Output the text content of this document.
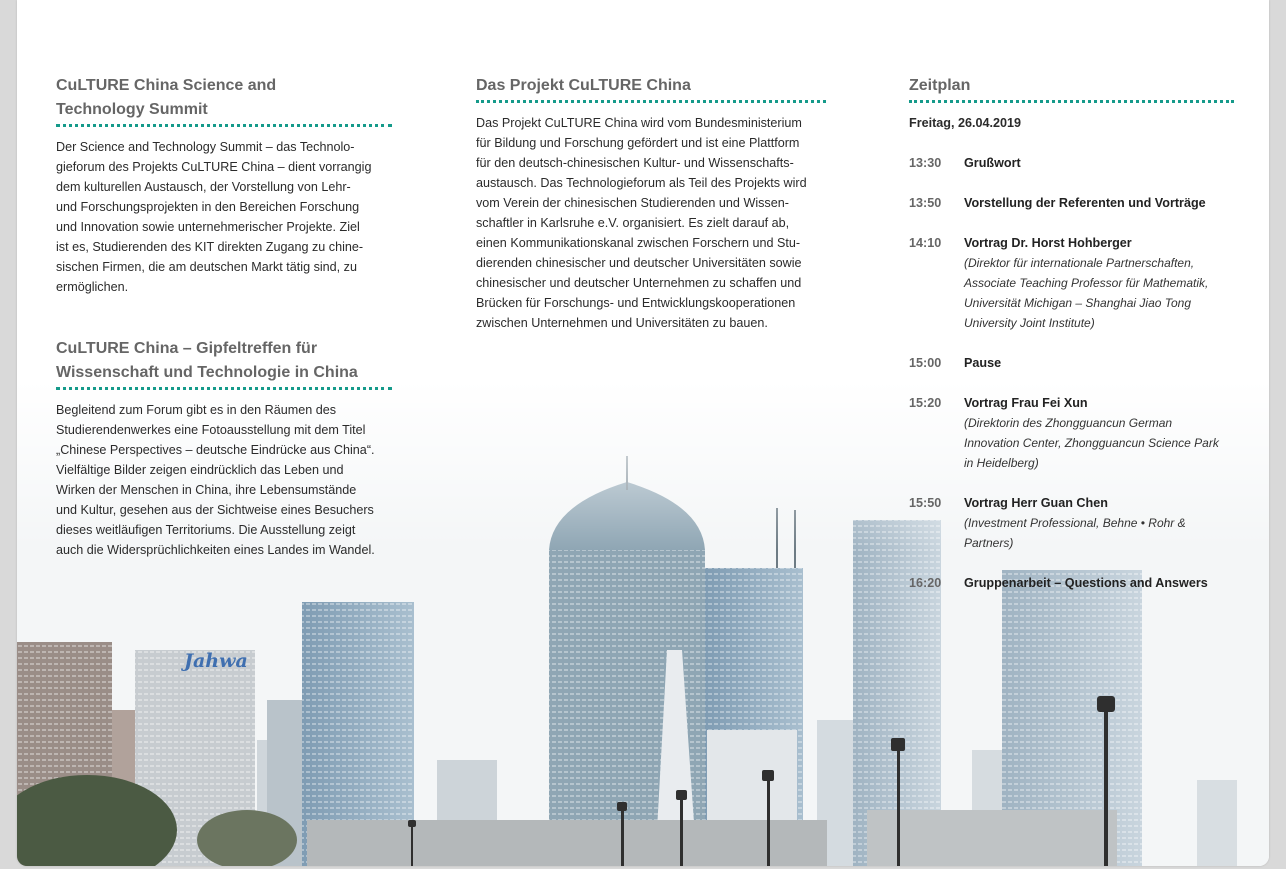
Jahwa
CuLTURE China Science and
Technology Summit

Der Science and Technology Summit – das Technolo-
gieforum des Projekts CuLTURE China – dient vorrangig
dem kulturellen Austausch, der Vorstellung von Lehr-
und Forschungsprojekten in den Bereichen Forschung
und Innovation sowie unternehmerischer Projekte. Ziel
ist es, Studierenden des KIT direkten Zugang zu chine-
sischen Firmen, die am deutschen Markt tätig sind, zu
ermöglichen.

CuLTURE China – Gipfeltreffen für
Wissenschaft und Technologie in China

Begleitend zum Forum gibt es in den Räumen des
Studierendenwerkes eine Fotoausstellung mit dem Titel
„Chinese Perspectives – deutsche Eindrücke aus China“.
Vielfältige Bilder zeigen eindrücklich das Leben und
Wirken der Menschen in China, ihre Lebensumstände
und Kultur, gesehen aus der Sichtweise eines Besuchers
dieses weitläufigen Territoriums. Die Ausstellung zeigt
auch die Widersprüchlichkeiten eines Landes im Wandel.

Das Projekt CuLTURE China

Das Projekt CuLTURE China wird vom Bundesministerium
für Bildung und Forschung gefördert und ist eine Plattform
für den deutsch-chinesischen Kultur- und Wissenschafts-
austausch. Das Technologieforum als Teil des Projekts wird
vom Verein der chinesischen Studierenden und Wissen-
schaftler in Karlsruhe e.V. organisiert. Es zielt darauf ab,
einen Kommunikationskanal zwischen Forschern und Stu-
dierenden chinesischer und deutscher Universitäten sowie
chinesischer und deutscher Unternehmen zu schaffen und
Brücken für Forschungs- und Entwicklungskooperationen
zwischen Unternehmen und Universitäten zu bauen.

Zeitplan
Freitag, 26.04.2019
13:30	Grußwort
13:50	Vorstellung der Referenten und Vorträge
14:10	Vortrag Dr. Horst Hohberger
(Direktor für internationale Partnerschaften,
Associate Teaching Professor für Mathematik,
Universität Michigan – Shanghai Jiao Tong
University Joint Institute)
15:00	Pause
15:20	Vortrag Frau Fei Xun
(Direktorin des Zhongguancun German
Innovation Center, Zhongguancun Science Park
in Heidelberg)
15:50	Vortrag Herr Guan Chen
(Investment Professional, Behne • Rohr & Partners)
16:20	Gruppenarbeit – Questions and Answers
